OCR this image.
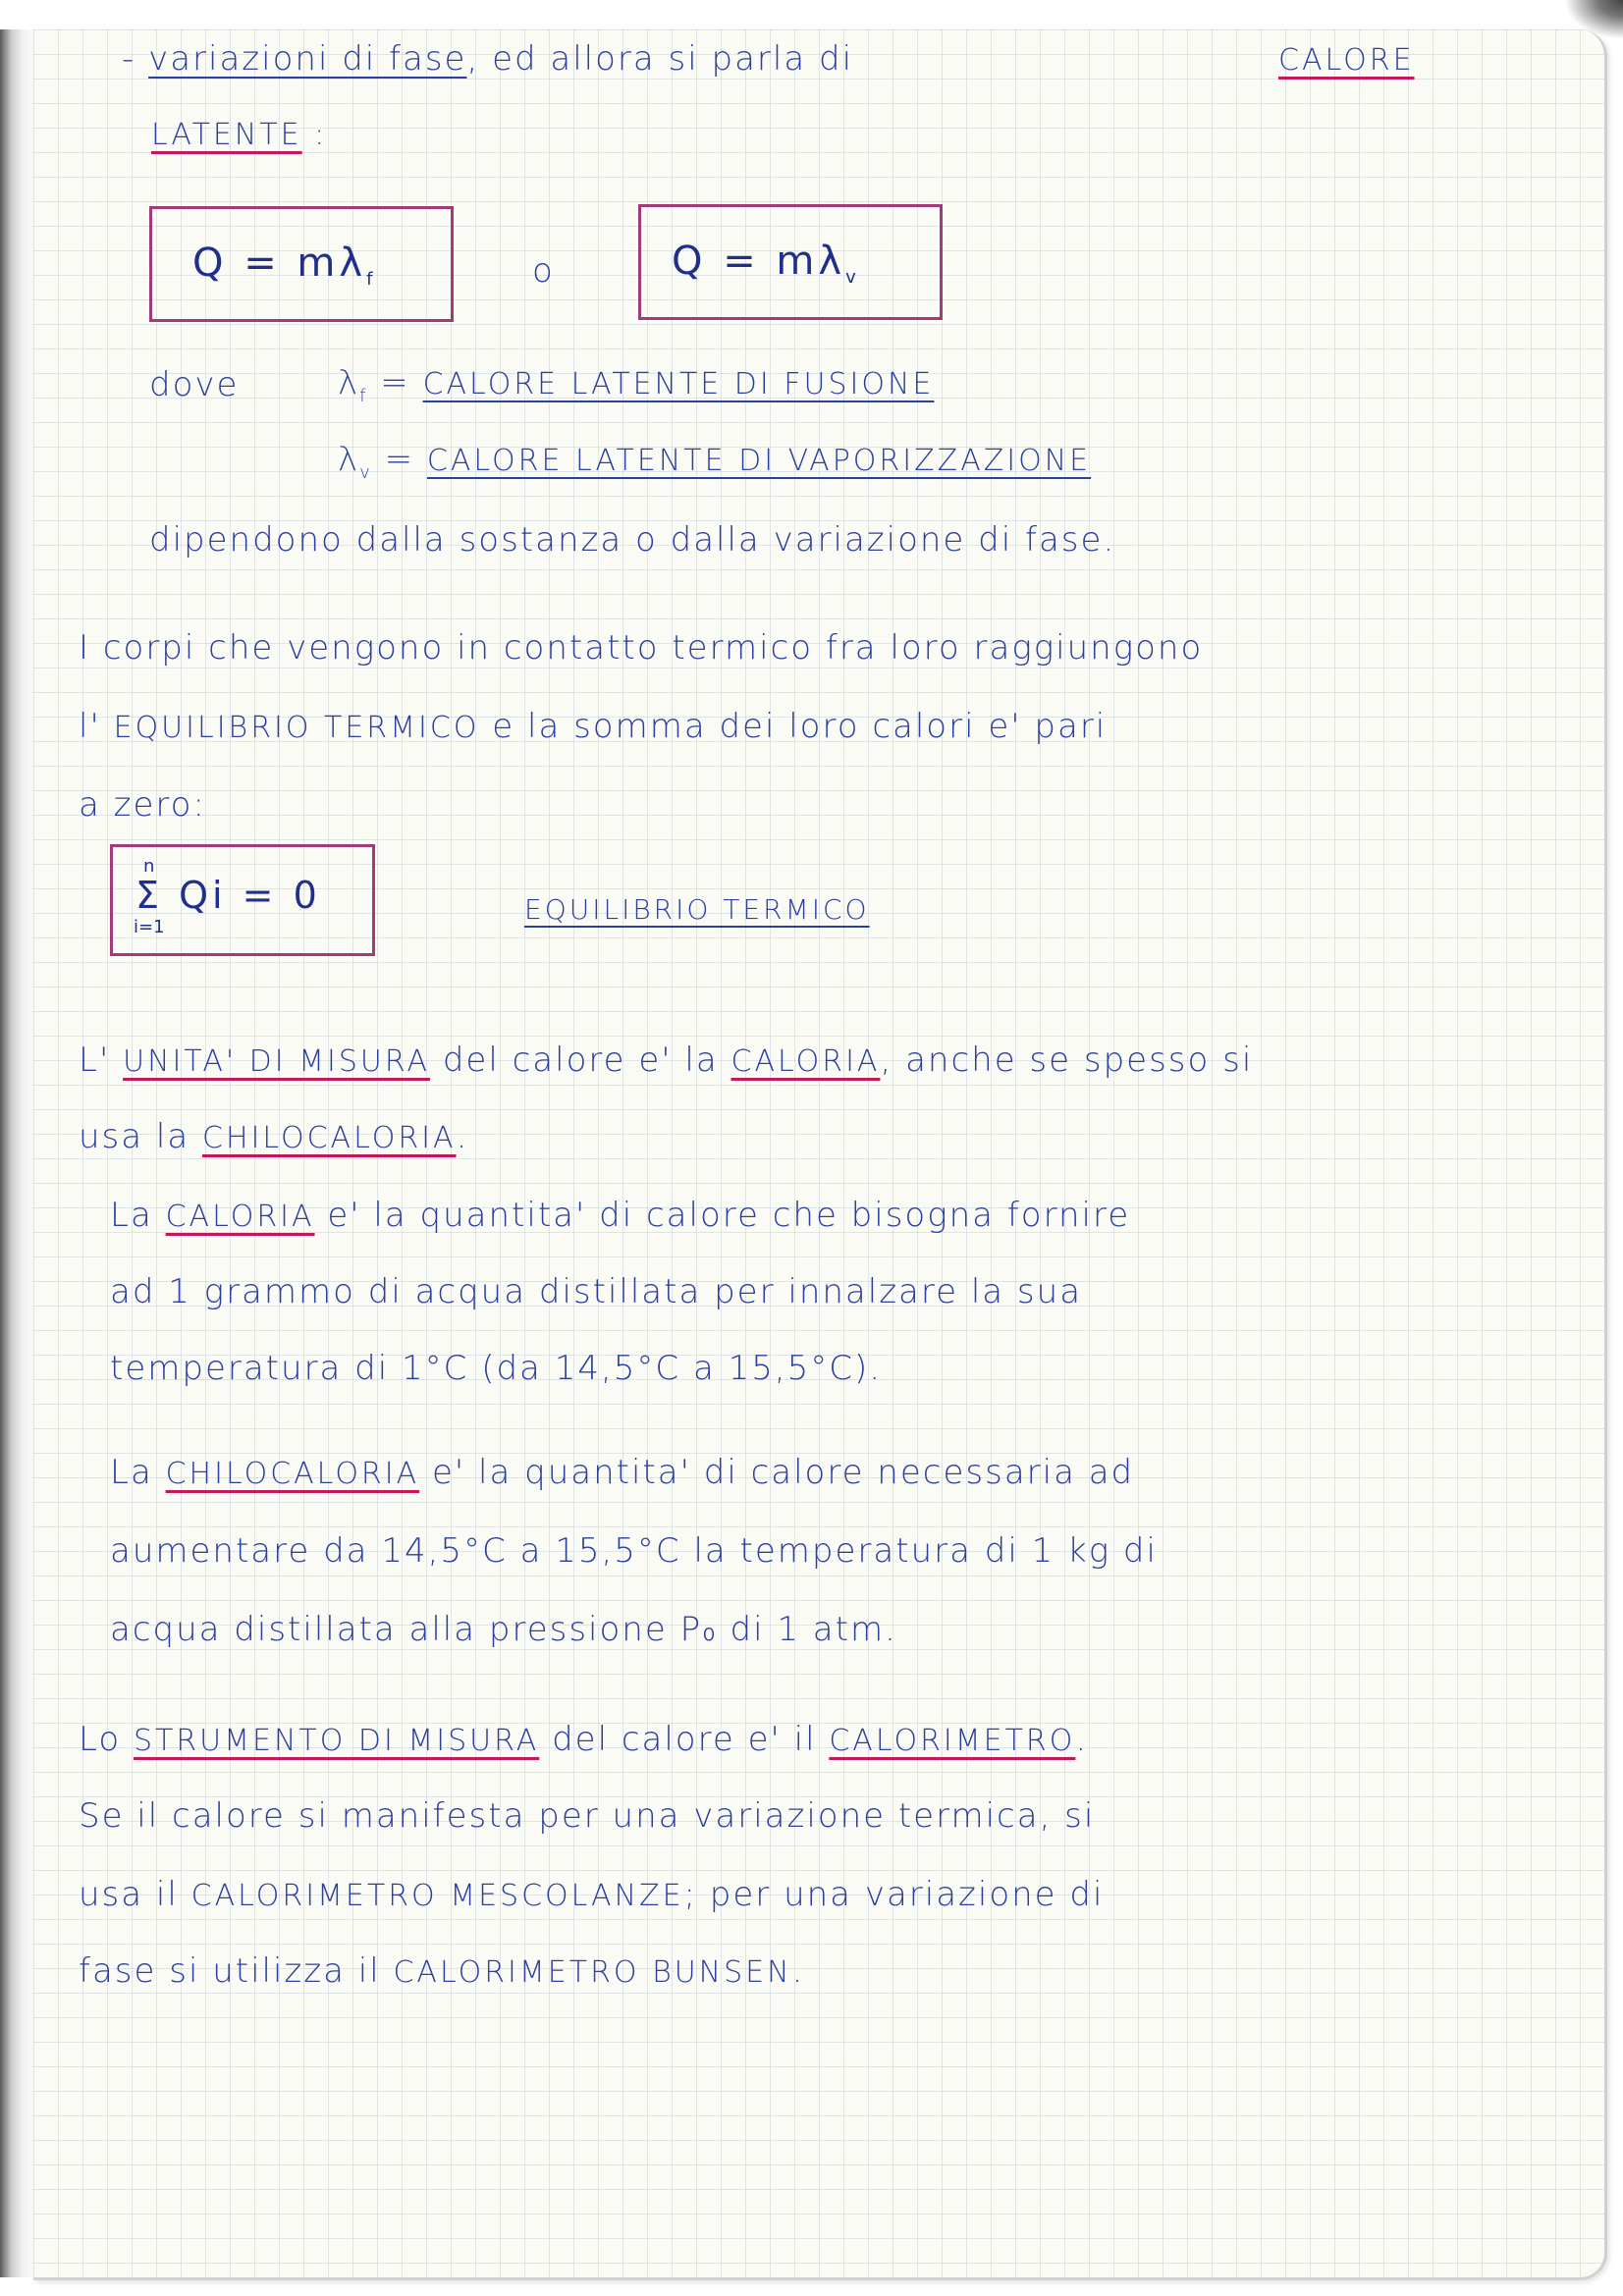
- variazioni di fase, ed allora si parla di	CALORE
LATENTE :
$Q = m\lambda_f$	o	$Q = m\lambda_v$
dove	$\lambda_f$ = CALORE LATENTE DI FUSIONE
$\lambda_v$ = CALORE LATENTE DI VAPORIZZAZIONE
dipendono dalla sostanza o dalla variazione di fase.
I corpi che vengono in contatto termico fra loro raggiungono
l' EQUILIBRIO TERMICO e la somma dei loro calori e' pari
a zero:
Σ
n
i=1
Qi = 0	EQUILIBRIO TERMICO
L' UNITA' DI MISURA del calore e' la CALORIA, anche se spesso si
usa la CHILOCALORIA.
La CALORIA e' la quantita' di calore che bisogna fornire
ad 1 grammo di acqua distillata per innalzare la sua
temperatura di 1°C (da 14,5°C a 15,5°C).
La CHILOCALORIA e' la quantita' di calore necessaria ad
aumentare da 14,5°C a 15,5°C la temperatura di 1 kg di
acqua distillata alla pressione P₀ di 1 atm.
Lo STRUMENTO DI MISURA del calore e' il CALORIMETRO.
Se il calore si manifesta per una variazione termica, si
usa il CALORIMETRO MESCOLANZE; per una variazione di
fase si utilizza il CALORIMETRO BUNSEN.
